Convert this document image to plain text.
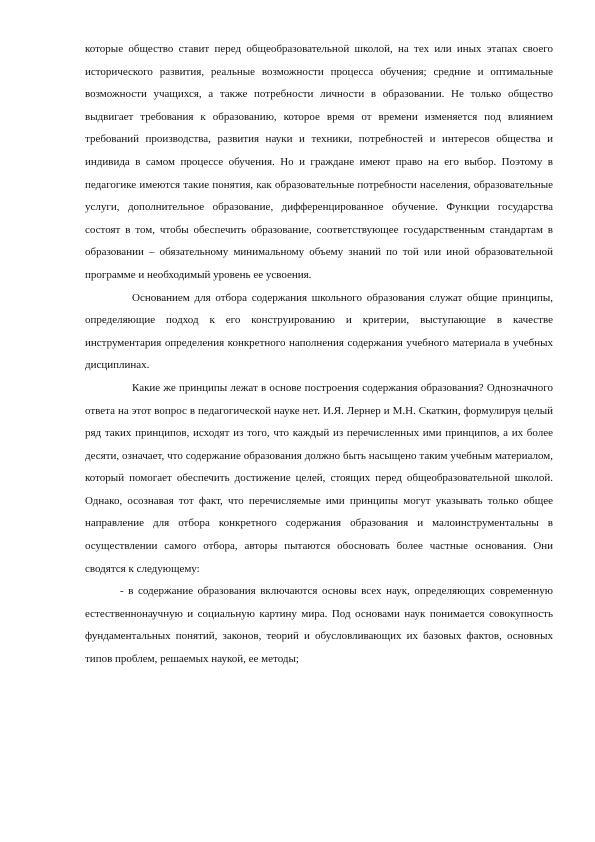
которые общество ставит перед общеобразовательной школой, на тех или иных этапах своего исторического развития, реальные возможности процесса обучения; средние и оптимальные возможности учащихся, а также потребности личности в образовании. Не только общество выдвигает требования к образованию, которое время от времени изменяется под влиянием требований производства, развития науки и техники, потребностей и интересов общества и индивида в самом процессе обучения. Но и граждане имеют право на его выбор. Поэтому в педагогике имеются такие понятия, как образовательные потребности населения, образовательные услуги, дополнительное образование, дифференцированное обучение. Функции государства состоят в том, чтобы обеспечить образование, соответствующее государственным стандартам в образовании – обязательному минимальному объему знаний по той или иной образовательной программе и необходимый уровень ее усвоения.

Основанием для отбора содержания школьного образования служат общие принципы, определяющие подход к его конструированию и критерии, выступающие в качестве инструментария определения конкретного наполнения содержания учебного материала в учебных дисциплинах.

Какие же принципы лежат в основе построения содержания образования? Однозначного ответа на этот вопрос в педагогической науке нет. И.Я. Лернер и М.Н. Скаткин, формулируя целый ряд таких принципов, исходят из того, что каждый из перечисленных ими принципов, а их более десяти, означает, что содержание образования должно быть насыщено таким учебным материалом, который помогает обеспечить достижение целей, стоящих перед общеобразовательной школой. Однако, осознавая тот факт, что перечисляемые ими принципы могут указывать только общее направление для отбора конкретного содержания образования и малоинструментальны в осуществлении самого отбора, авторы пытаются обосновать более частные основания. Они сводятся к следующему:

- в содержание образования включаются основы всех наук, определяющих современную естественнонаучную и социальную картину мира. Под основами наук понимается совокупность фундаментальных понятий, законов, теорий и обусловливающих их базовых фактов, основных типов проблем, решаемых наукой, ее методы;
